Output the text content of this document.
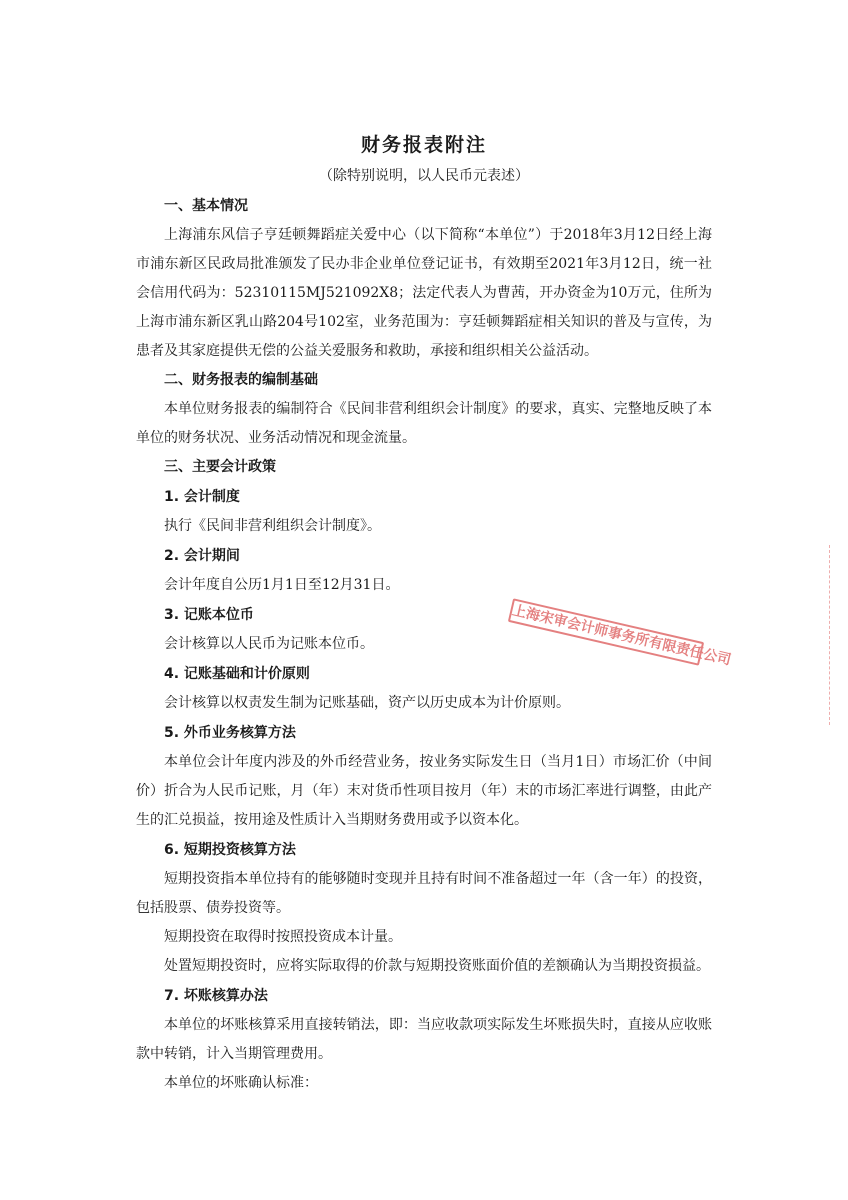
财务报表附注
（除特别说明，以人民币元表述）
一、基本情况

上海浦东风信子亨廷顿舞蹈症关爱中心（以下简称“本单位”）于2018年3月12日经上海市浦东新区民政局批准颁发了民办非企业单位登记证书，有效期至2021年3月12日，统一社会信用代码为：52310115MJ521092X8；法定代表人为曹茜，开办资金为10万元，住所为上海市浦东新区乳山路204号102室，业务范围为：亨廷顿舞蹈症相关知识的普及与宣传，为患者及其家庭提供无偿的公益关爱服务和救助，承接和组织相关公益活动。

二、财务报表的编制基础

本单位财务报表的编制符合《民间非营利组织会计制度》的要求，真实、完整地反映了本单位的财务状况、业务活动情况和现金流量。

三、主要会计政策
1. 会计制度

执行《民间非营利组织会计制度》。

2. 会计期间

会计年度自公历1月1日至12月31日。

3. 记账本位币

会计核算以人民币为记账本位币。

4. 记账基础和计价原则

会计核算以权责发生制为记账基础，资产以历史成本为计价原则。

5. 外币业务核算方法

本单位会计年度内涉及的外币经营业务，按业务实际发生日（当月1日）市场汇价（中间价）折合为人民币记账，月（年）末对货币性项目按月（年）末的市场汇率进行调整，由此产生的汇兑损益，按用途及性质计入当期财务费用或予以资本化。

6. 短期投资核算方法

短期投资指本单位持有的能够随时变现并且持有时间不准备超过一年（含一年）的投资，包括股票、债券投资等。

短期投资在取得时按照投资成本计量。

处置短期投资时，应将实际取得的价款与短期投资账面价值的差额确认为当期投资损益。

7. 坏账核算办法

本单位的坏账核算采用直接转销法，即：当应收款项实际发生坏账损失时，直接从应收账款中转销，计入当期管理费用。

本单位的坏账确认标准：

上海宋审会计师事务所有限责任公司
